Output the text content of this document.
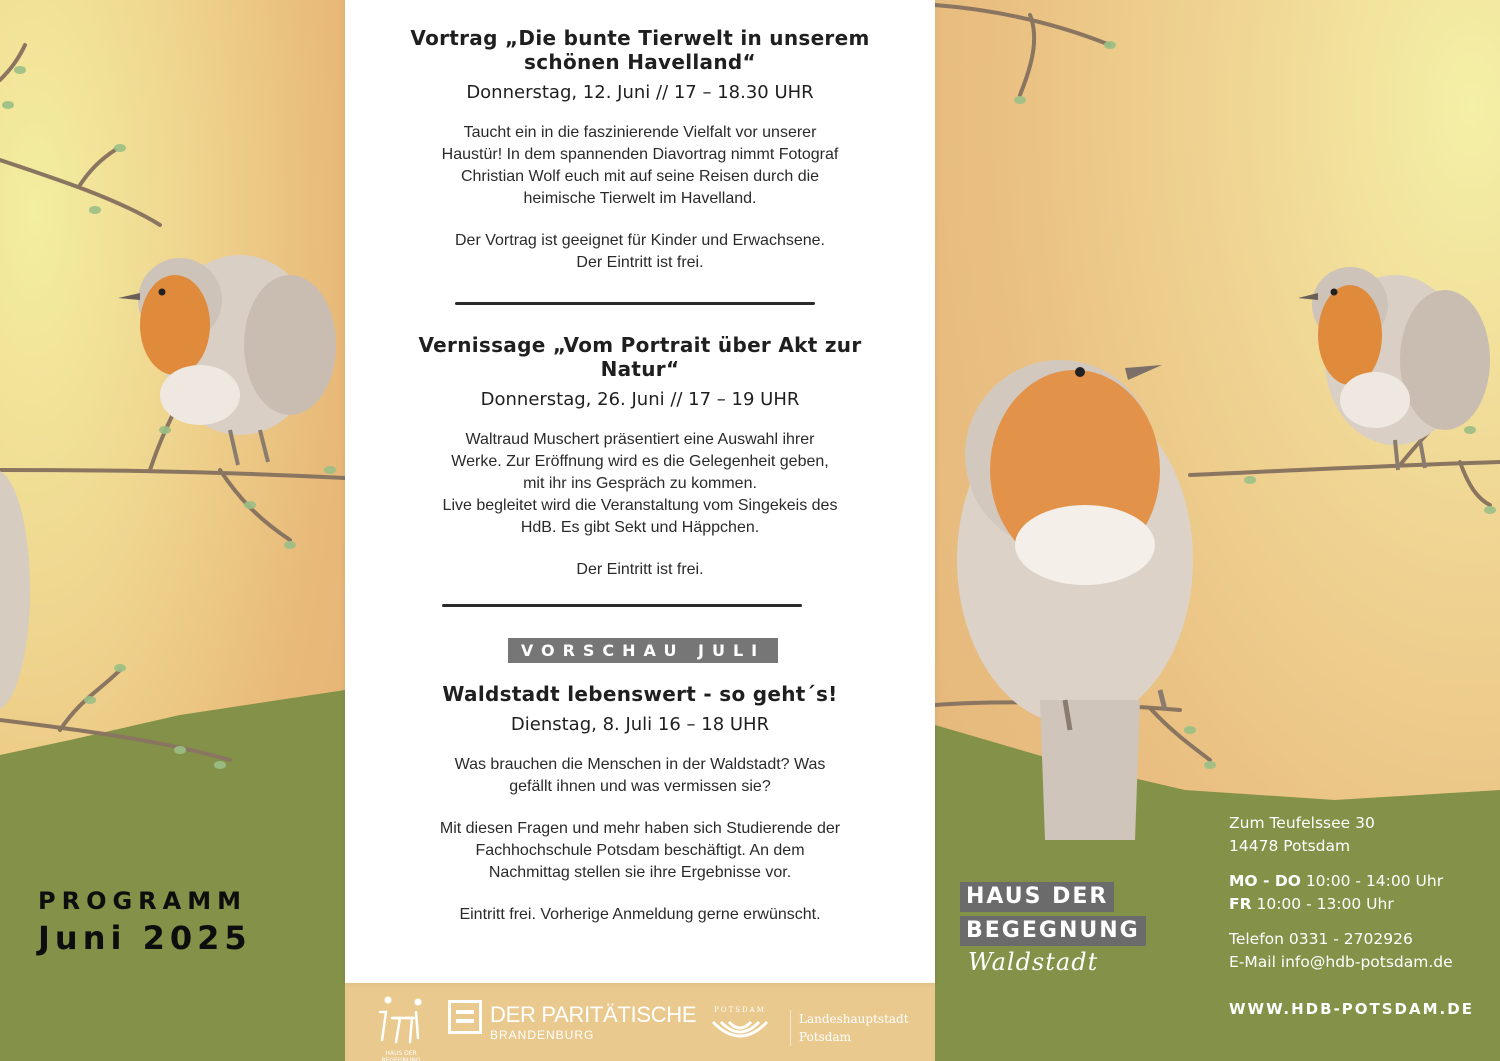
Vortrag „Die bunte Tierwelt in unserem
schönen Havelland“
Donnerstag, 12. Juni // 17 – 18.30 UHR

Taucht ein in die faszinierende Vielfalt vor unserer
Haustür! In dem spannenden Diavortrag nimmt Fotograf
Christian Wolf euch mit auf seine Reisen durch die
heimische Tierwelt im Havelland.

Der Vortrag ist geeignet für Kinder und Erwachsene.
Der Eintritt ist frei.

Vernissage „Vom Portrait über Akt zur
Natur“
Donnerstag, 26. Juni // 17 – 19 UHR

Waltraud Muschert präsentiert eine Auswahl ihrer
Werke. Zur Eröffnung wird es die Gelegenheit geben,
mit ihr ins Gespräch zu kommen.
Live begleitet wird die Veranstaltung vom Singekeis des
HdB. Es gibt Sekt und Häppchen.

Der Eintritt ist frei.

VORSCHAU JULI
Waldstadt lebenswert - so geht´s!
Dienstag, 8. Juli 16 – 18 UHR

Was brauchen die Menschen in der Waldstadt? Was
gefällt ihnen und was vermissen sie?

Mit diesen Fragen und mehr haben sich Studierende der
Fachhochschule Potsdam beschäftigt. An dem
Nachmittag stellen sie ihre Ergebnisse vor.

Eintritt frei. Vorherige Anmeldung gerne erwünscht.

PROGRAMM
Juni 2025
HAUS DER
BEGEGNUNG
Waldstadt
Zum Teufelssee 30
14478 Potsdam
MO - DO 10:00 - 14:00 Uhr
FR 10:00 - 13:00 Uhr
Telefon 0331 - 2702926
E-Mail info@hdb-potsdam.de
WWW.HDB-POTSDAM.DE
HAUS DER BEGEGNUNG
DER PARITÄTISCHE
BRANDENBURG
POTSDAM
Landeshauptstadt
Potsdam
